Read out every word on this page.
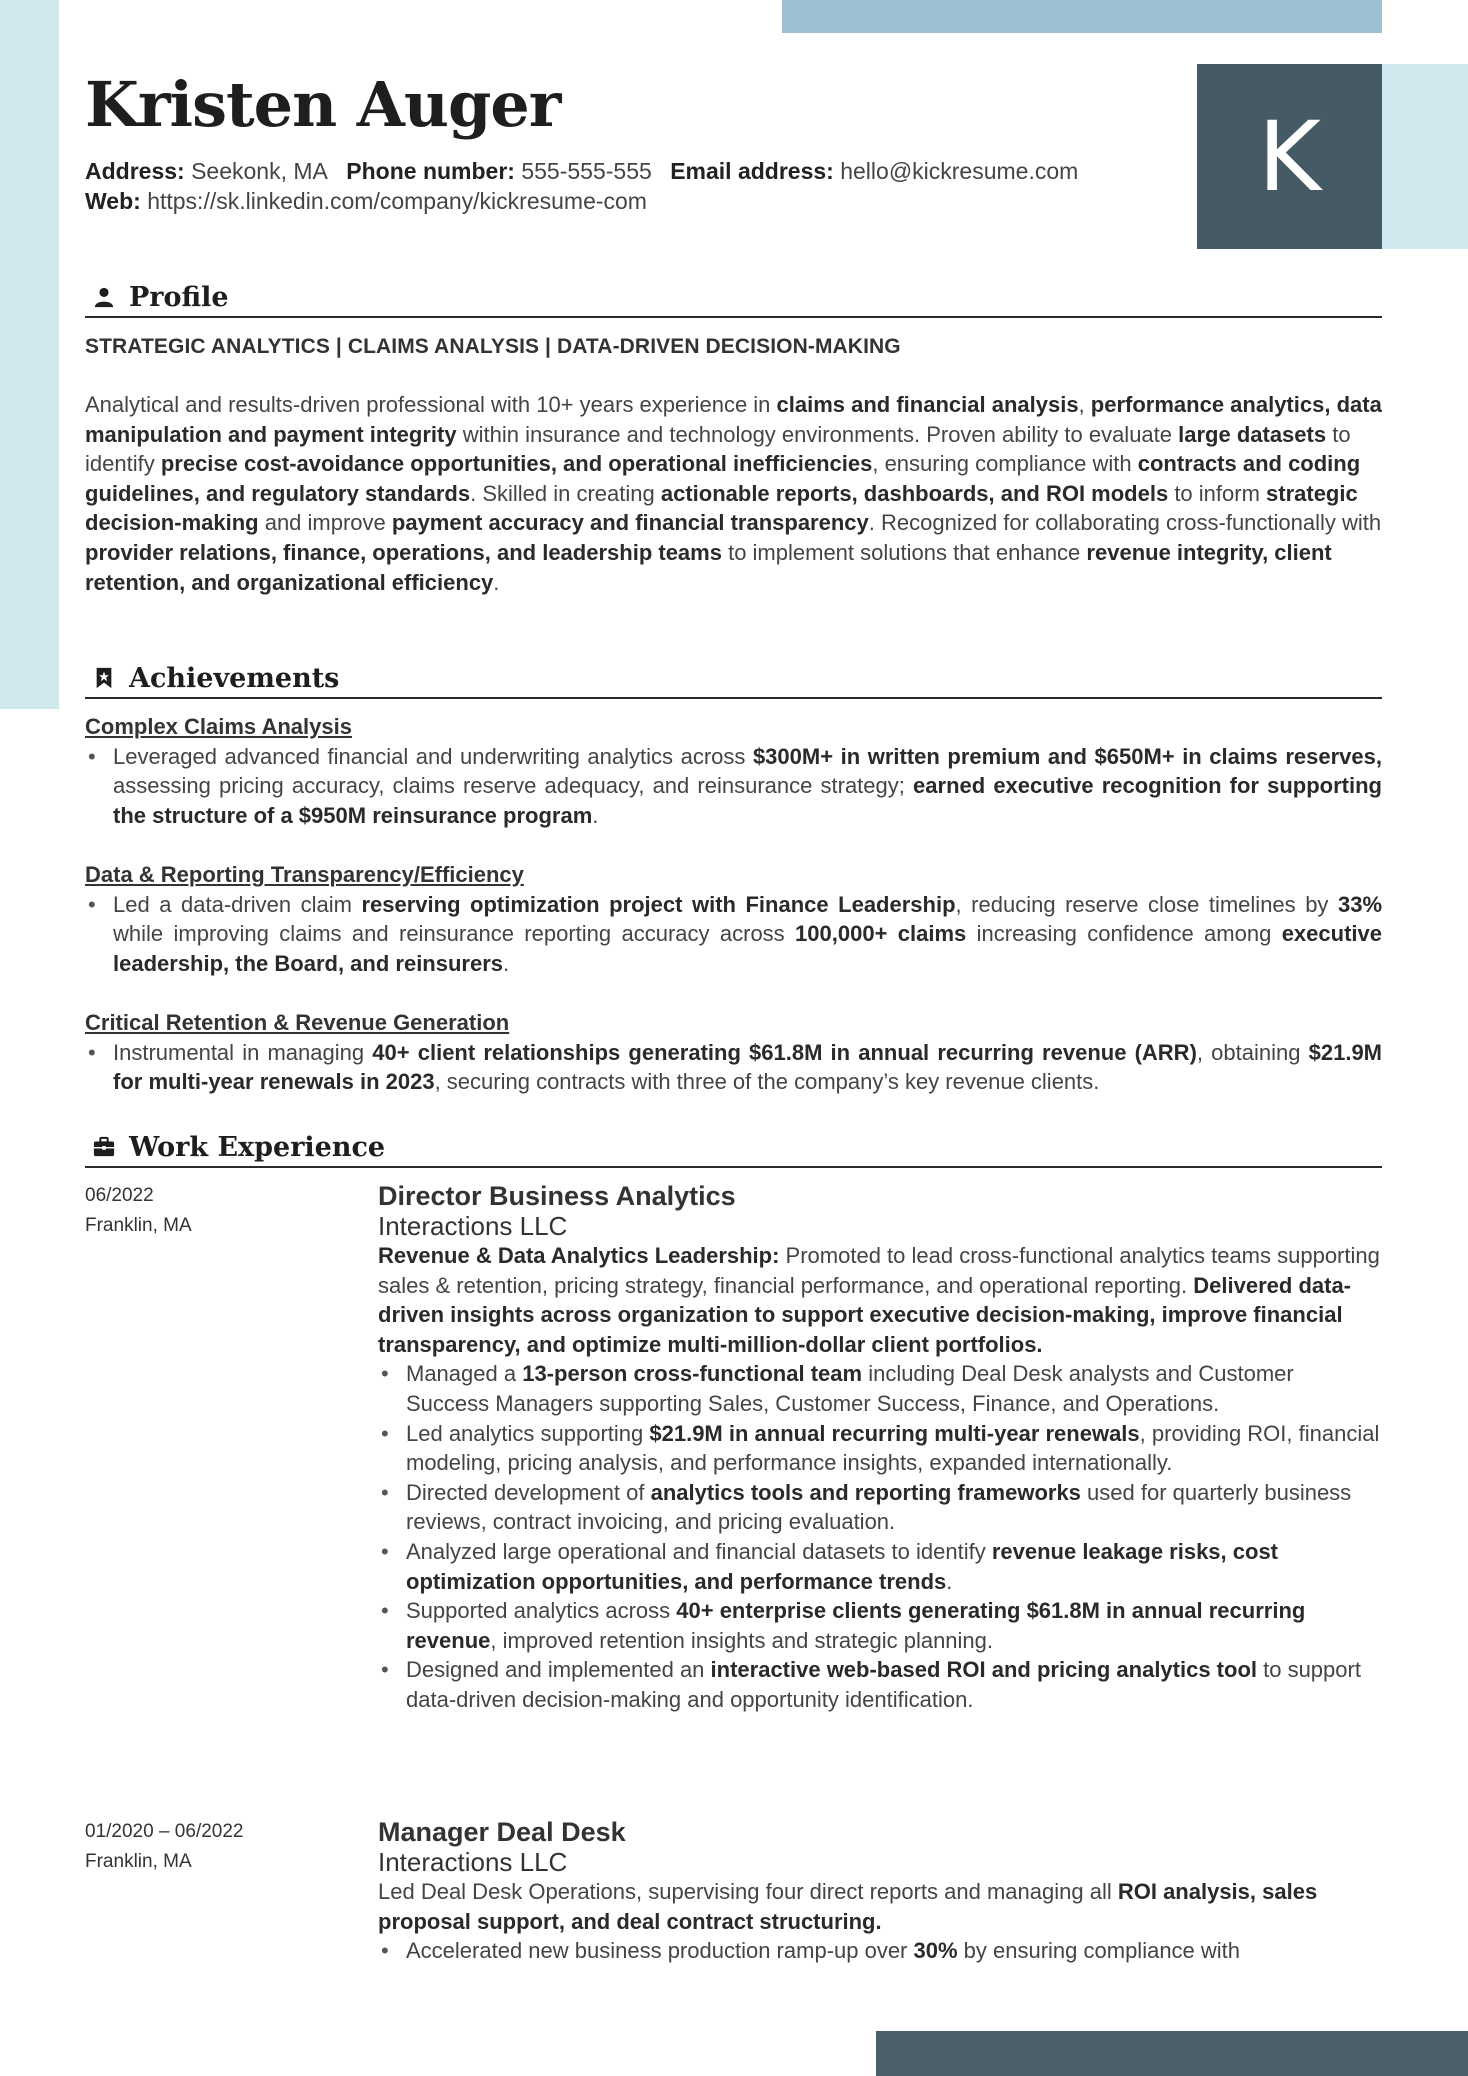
K
Kristen Auger
Address: Seekonk, MA Phone number: 555-555-555 Email address: hello@kickresume.com
Web: https://sk.linkedin.com/company/kickresume-com
Profile
STRATEGIC ANALYTICS | CLAIMS ANALYSIS | DATA-DRIVEN DECISION-MAKING
Analytical and results-driven professional with 10+ years experience in claims and financial analysis, performance analytics, data manipulation and payment integrity within insurance and technology environments. Proven ability to evaluate large datasets to identify precise cost-avoidance opportunities, and operational inefficiencies, ensuring compliance with contracts and coding guidelines, and regulatory standards. Skilled in creating actionable reports, dashboards, and ROI models to inform strategic decision-making and improve payment accuracy and financial transparency. Recognized for collaborating cross-functionally with provider relations, finance, operations, and leadership teams to implement solutions that enhance revenue integrity, client retention, and organizational efficiency.
Achievements
Complex Claims Analysis
• Leveraged advanced financial and underwriting analytics across $300M+ in written premium and $650M+ in claims reserves, assessing pricing accuracy, claims reserve adequacy, and reinsurance strategy; earned executive recognition for supporting the structure of a $950M reinsurance program.
Data & Reporting Transparency/Efficiency
• Led a data-driven claim reserving optimization project with Finance Leadership, reducing reserve close timelines by 33% while improving claims and reinsurance reporting accuracy across 100,000+ claims increasing confidence among executive leadership, the Board, and reinsurers.
Critical Retention & Revenue Generation
• Instrumental in managing 40+ client relationships generating $61.8M in annual recurring revenue (ARR), obtaining $21.9M for multi-year renewals in 2023, securing contracts with three of the company’s key revenue clients.
Work Experience
06/2022
Franklin, MA
Director Business Analytics
Interactions LLC
Revenue & Data Analytics Leadership: Promoted to lead cross-functional analytics teams supporting sales & retention, pricing strategy, financial performance, and operational reporting. Delivered data-driven insights across organization to support executive decision-making, improve financial transparency, and optimize multi-million-dollar client portfolios.
• Managed a 13-person cross-functional team including Deal Desk analysts and Customer Success Managers supporting Sales, Customer Success, Finance, and Operations.
• Led analytics supporting $21.9M in annual recurring multi-year renewals, providing ROI, financial modeling, pricing analysis, and performance insights, expanded internationally.
• Directed development of analytics tools and reporting frameworks used for quarterly business reviews, contract invoicing, and pricing evaluation.
• Analyzed large operational and financial datasets to identify revenue leakage risks, cost optimization opportunities, and performance trends.
• Supported analytics across 40+ enterprise clients generating $61.8M in annual recurring revenue, improved retention insights and strategic planning.
• Designed and implemented an interactive web-based ROI and pricing analytics tool to support data-driven decision-making and opportunity identification.
01/2020 – 06/2022
Franklin, MA
Manager Deal Desk
Interactions LLC
Led Deal Desk Operations, supervising four direct reports and managing all ROI analysis, sales proposal support, and deal contract structuring.
• Accelerated new business production ramp-up over 30% by ensuring compliance with
